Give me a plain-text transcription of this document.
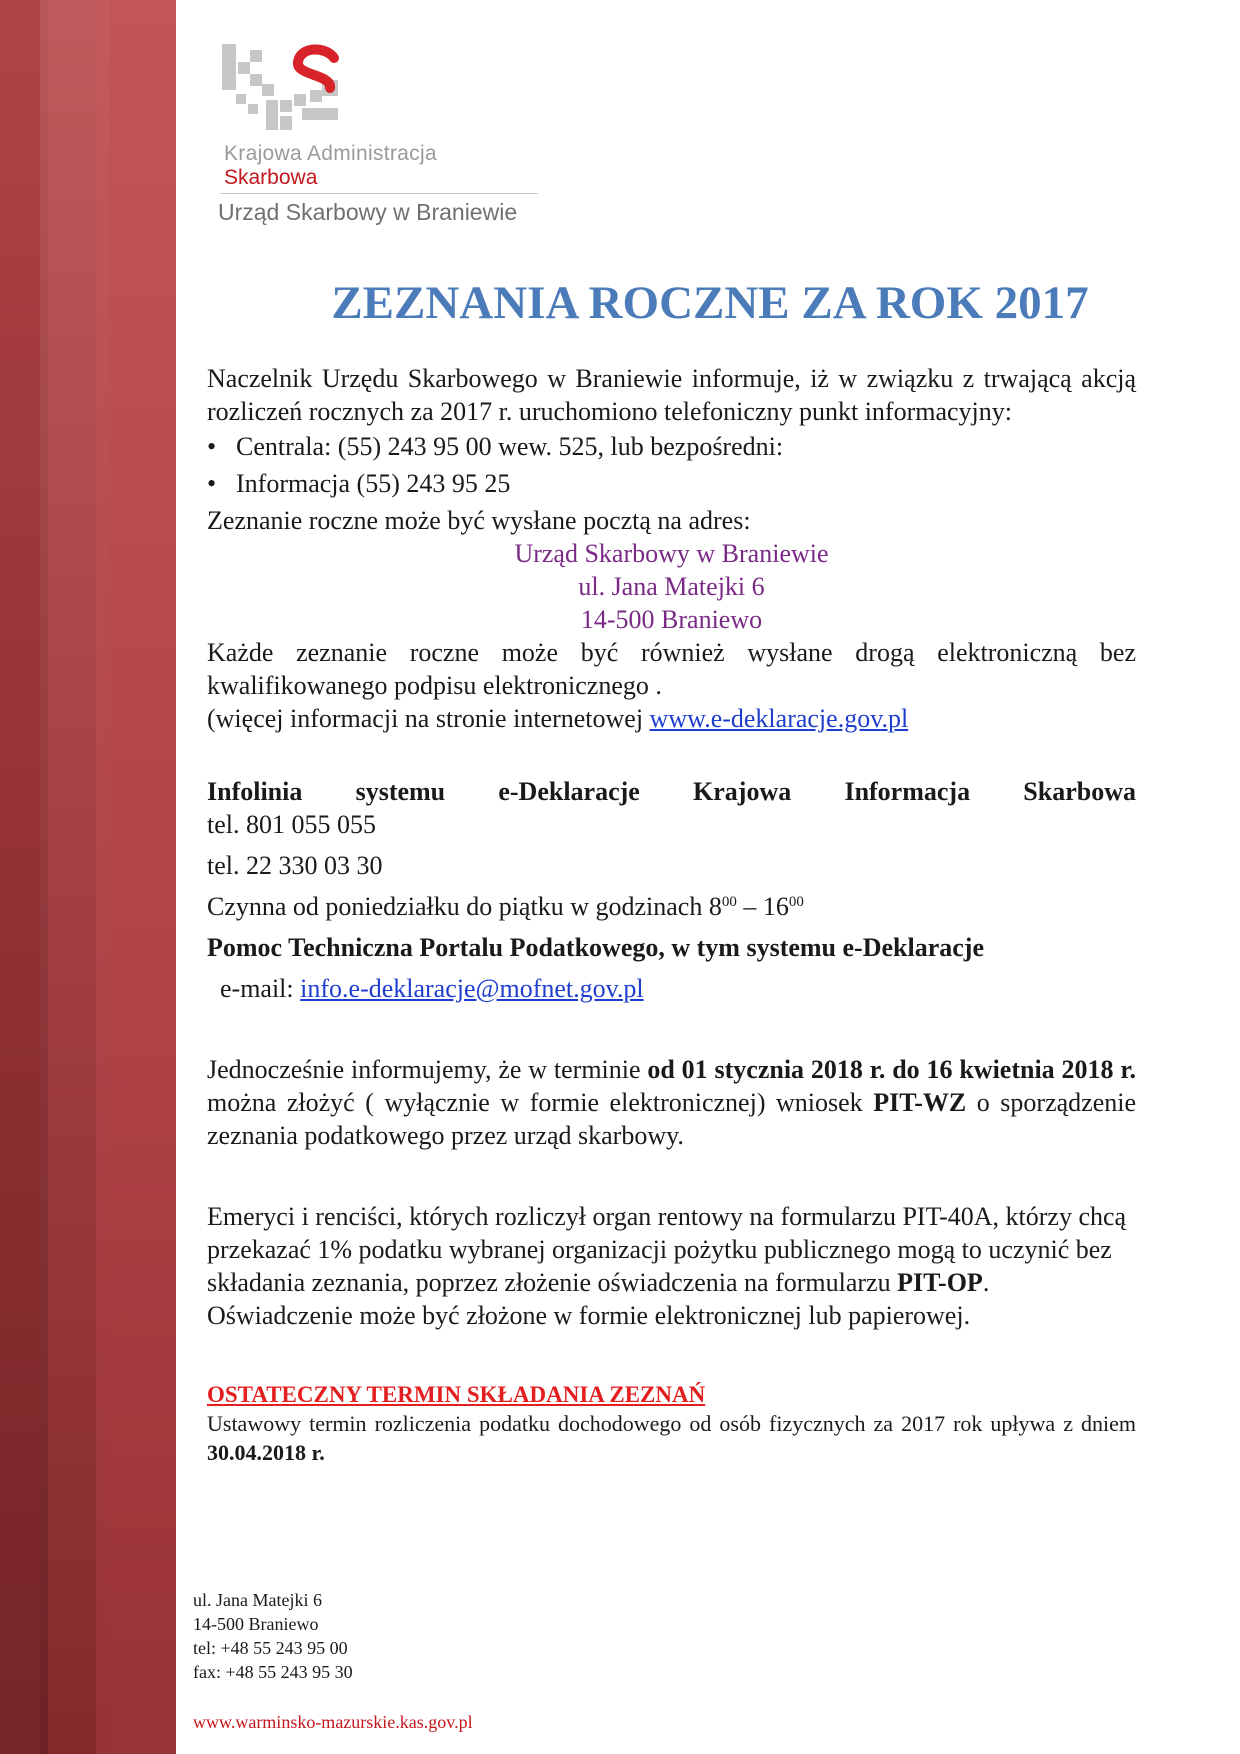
Krajowa Administracja
Skarbowa
Urząd Skarbowy w Braniewie
ZEZNANIA ROCZNE ZA ROK 2017

Naczelnik Urzędu Skarbowego w Braniewie informuje, iż w związku z trwającą akcją rozliczeń rocznych za 2017 r. uruchomiono telefoniczny punkt informacyjny:

• Centrala: (55) 243 95 00 wew. 525, lub bezpośredni:
• Informacja (55) 243 95 25

Zeznanie roczne może być wysłane pocztą na adres:

Urząd Skarbowy w Braniewie
ul. Jana Matejki 6
14-500 Braniewo

Każde zeznanie roczne może być również wysłane drogą elektroniczną bez kwalifikowanego podpisu elektronicznego .

(więcej informacji na stronie internetowej www.e-deklaracje.gov.pl

Infolinia systemu e-Deklaracje Krajowa Informacja Skarbowa

tel. 801 055 055

tel. 22 330 03 30

Czynna od poniedziałku do piątku w godzinach $8^{00} - 16^{00}$

Pomoc Techniczna Portalu Podatkowego, w tym systemu e-Deklaracje

e-mail: info.e-deklaracje@mofnet.gov.pl

Jednocześnie informujemy, że w terminie od 01 stycznia 2018 r. do 16 kwietnia 2018 r. można złożyć ( wyłącznie w formie elektronicznej) wniosek PIT-WZ o sporządzenie zeznania podatkowego przez urząd skarbowy.

Emeryci i renciści, których rozliczył organ rentowy na formularzu PIT-40A, którzy chcą przekazać 1% podatku wybranej organizacji pożytku publicznego mogą to uczynić bez składania zeznania, poprzez złożenie oświadczenia na formularzu PIT-OP. Oświadczenie może być złożone w formie elektronicznej lub papierowej.

OSTATECZNY TERMIN SKŁADANIA ZEZNAŃ

Ustawowy termin rozliczenia podatku dochodowego od osób fizycznych za 2017 rok upływa z dniem 30.04.2018 r.

ul. Jana Matejki 6
14-500 Braniewo
tel: +48 55 243 95 00
fax: +48 55 243 95 30
www.warminsko-mazurskie.kas.gov.pl
